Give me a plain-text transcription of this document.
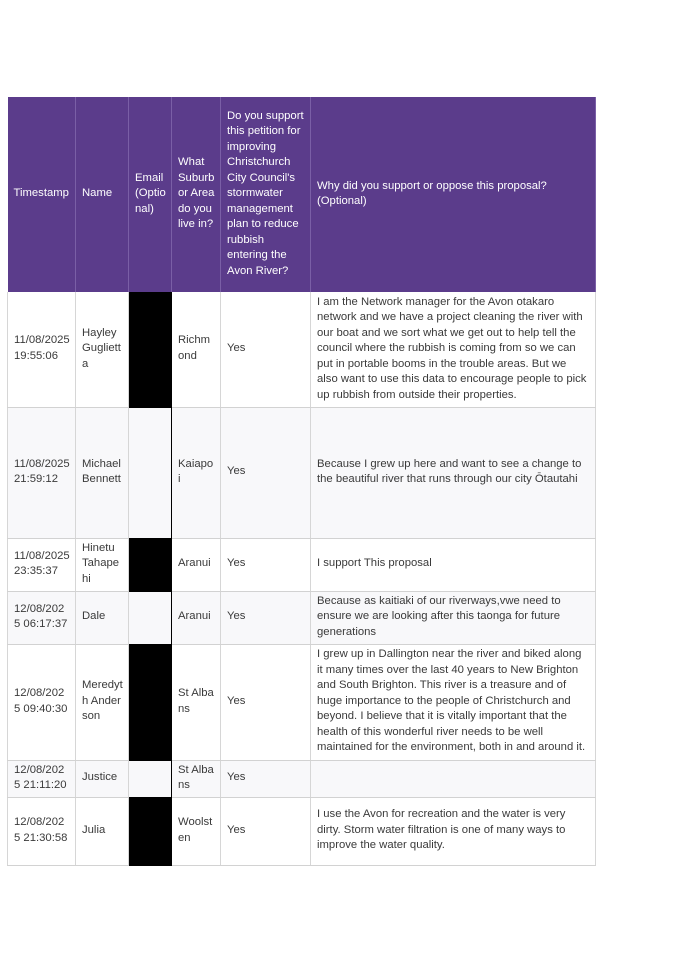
Timestamp	Name	Email (Optional)	What Suburb or Area do you live in?	Do you support this petition for improving Christchurch City Council's stormwater management plan to reduce rubbish entering the Avon River?	Why did you support or oppose this proposal? (Optional)
11/08/2025 19:55:06	Hayley Gugliett a		Richmond	Yes	I am the Network manager for the Avon otakaro network and we have a project cleaning the river with our boat and we sort what we get out to help tell the council where the rubbish is coming from so we can put in portable booms in the trouble areas. But we also want to use this data to encourage people to pick up rubbish from outside their properties.
11/08/2025 21:59:12	Michael Bennett		Kaiapoi	Yes	Because I grew up here and want to see a change to the beautiful river that runs through our city Ōtautahi
11/08/2025 23:35:37	Hinetu Tahapehi		Aranui	Yes	I support This proposal
12/08/2025 06:17:37	Dale		Aranui	Yes	Because as kaitiaki of our riverways,vwe need to ensure we are looking after this taonga for future generations
12/08/2025 09:40:30	Meredyth Anderson		St Albans	Yes	I grew up in Dallington near the river and biked along it many times over the last 40 years to New Brighton and South Brighton. This river is a treasure and of huge importance to the people of Christchurch and beyond. I believe that it is vitally important that the health of this wonderful river needs to be well maintained for the environment, both in and around it.
12/08/2025 21:11:20	Justice		St Albans	Yes	
12/08/2025 21:30:58	Julia		Woolsten	Yes	I use the Avon for recreation and the water is very dirty. Storm water filtration is one of many ways to improve the water quality.
